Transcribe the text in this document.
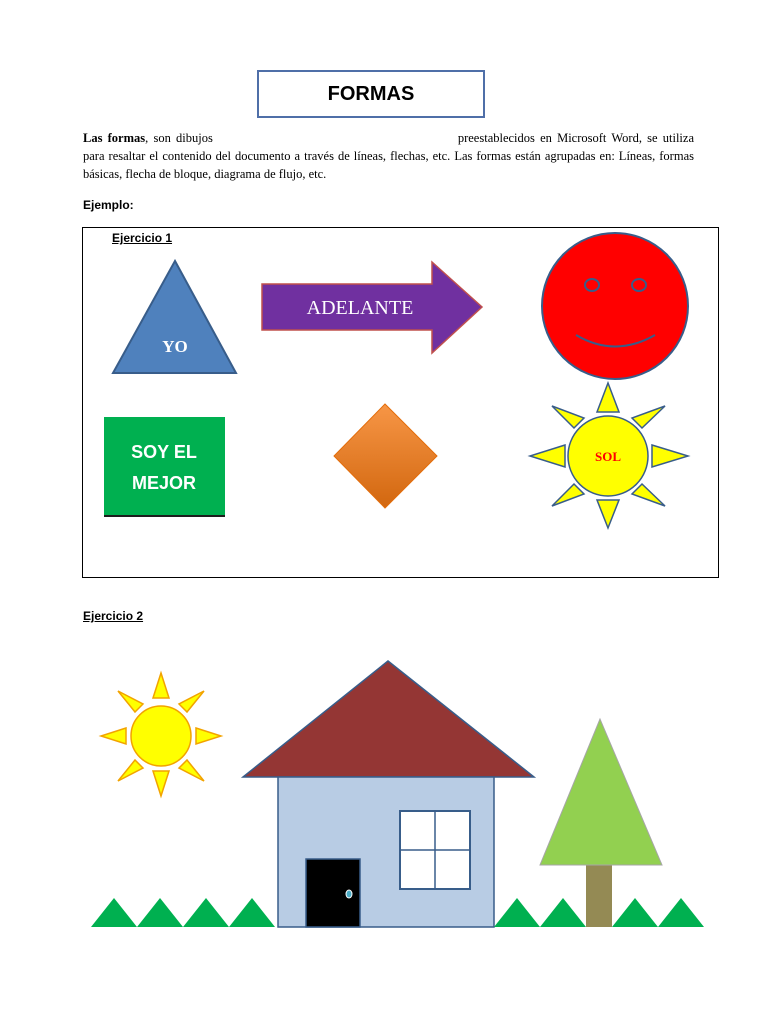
FORMAS
Las formas, son dibujos	preestablecidos en Microsoft Word, se utiliza para resaltar el contenido del documento a través de líneas, flechas, etc. Las formas están agrupadas en: Líneas, formas básicas, flecha de bloque, diagrama de flujo, etc.
Ejemplo:
Ejercicio 1
YO
ADELANTE
SOY EL
MEJOR
SOL
Ejercicio 2
